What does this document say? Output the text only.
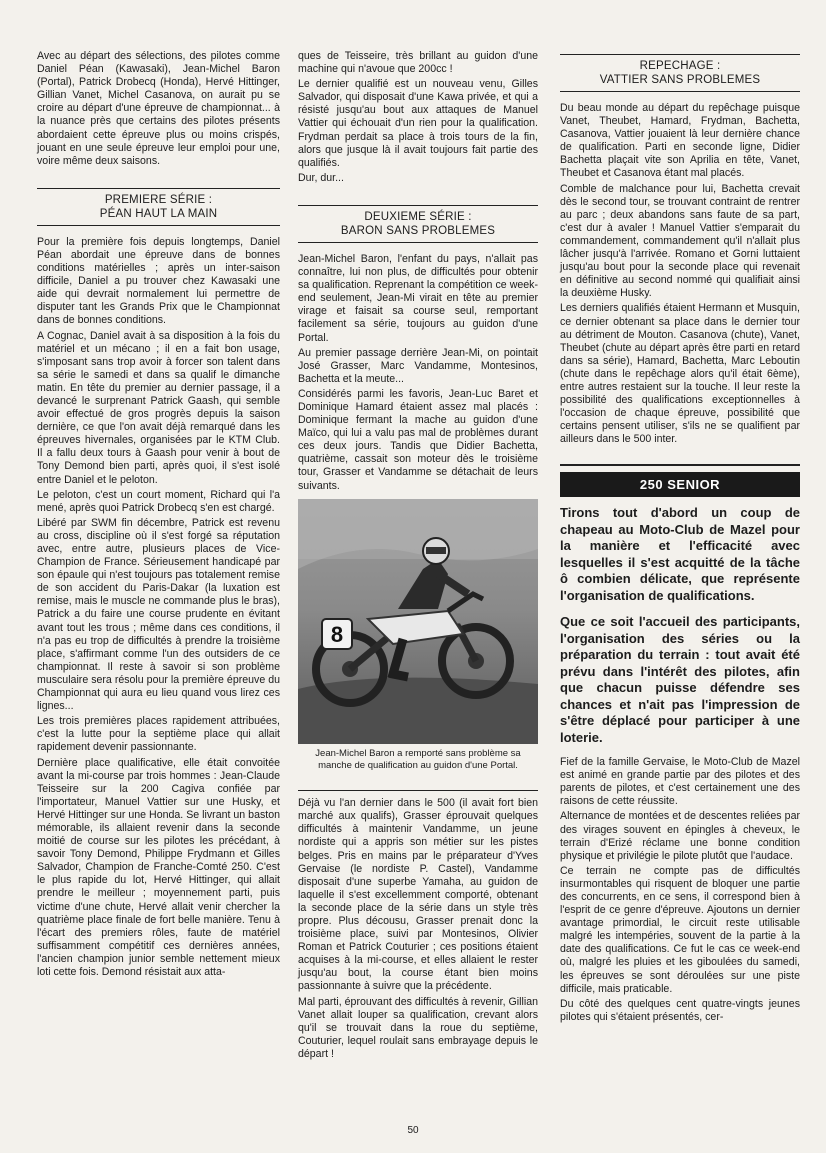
Avec au départ des sélections, des pilotes comme Daniel Péan (Kawasaki), Jean-Michel Baron (Portal), Patrick Drobecq (Honda), Hervé Hittinger, Gillian Vanet, Michel Casanova, on aurait pu se croire au départ d'une épreuve de championnat... à la nuance près que certains des pilotes présents abordaient cette épreuve plus ou moins crispés, jouant en une seule épreuve leur emploi pour une, voire même deux saisons.

PREMIERE SÉRIE :
PÉAN HAUT LA MAIN

Pour la première fois depuis longtemps, Daniel Péan abordait une épreuve dans de bonnes conditions matérielles ; après un inter-saison difficile, Daniel a pu trouver chez Kawasaki une aide qui devrait normalement lui permettre de disputer tant les Grands Prix que le Championnat dans de bonnes conditions.

A Cognac, Daniel avait à sa disposition à la fois du matériel et un mécano ; il en a fait bon usage, s'imposant sans trop avoir à forcer son talent dans sa série le samedi et dans sa qualif le dimanche matin. En tête du premier au dernier passage, il a devancé le surprenant Patrick Gaash, qui semble avoir effectué de gros progrès depuis la saison dernière, ce que l'on avait déjà remarqué dans les épreuves hivernales, organisées par le KTM Club. Il a fallu deux tours à Gaash pour venir à bout de Tony Demond bien parti, après quoi, il s'est isolé entre Daniel et le peloton.

Le peloton, c'est un court moment, Richard qui l'a mené, après quoi Patrick Drobecq s'en est chargé.

Libéré par SWM fin décembre, Patrick est revenu au cross, discipline où il s'est forgé sa réputation avec, entre autre, plusieurs places de Vice-Champion de France. Sérieusement handicapé par son épaule qui n'est toujours pas totalement remise de son accident du Paris-Dakar (la luxation est remise, mais le muscle ne commande plus le bras), Patrick a du faire une course prudente en évitant avant tout les trous ; même dans ces conditions, il n'a pas eu trop de difficultés à prendre la troisième place, s'affirmant comme l'un des outsiders de ce championnat. Il reste à savoir si son problème musculaire sera résolu pour la première épreuve du Championnat qui aura eu lieu quand vous lirez ces lignes...

Les trois premières places rapidement attribuées, c'est la lutte pour la septième place qui allait rapidement devenir passionnante.

Dernière place qualificative, elle était convoitée avant la mi-course par trois hommes : Jean-Claude Teisseire sur la 200 Cagiva confiée par l'importateur, Manuel Vattier sur une Husky, et Hervé Hittinger sur une Honda. Se livrant un baston mémorable, ils allaient revenir dans la seconde moitié de course sur les pilotes les précédant, à savoir Tony Demond, Philippe Frydmann et Gilles Salvador, Champion de Franche-Comté 250. C'est le plus rapide du lot, Hervé Hittinger, qui allait prendre le meilleur ; moyennement parti, puis victime d'une chute, Hervé allait venir chercher la quatrième place finale de fort belle manière. Tenu à l'écart des premiers rôles, faute de matériel suffisamment compétitif ces dernières années, l'ancien champion junior semble nettement mieux loti cette fois. Demond résistait aux atta-

ques de Teisseire, très brillant au guidon d'une machine qui n'avoue que 200cc !

Le dernier qualifié est un nouveau venu, Gilles Salvador, qui disposait d'une Kawa privée, et qui a résisté jusqu'au bout aux attaques de Manuel Vattier qui échouait d'un rien pour la qualification. Frydman perdait sa place à trois tours de la fin, alors que jusque là il avait toujours fait partie des qualifiés.

Dur, dur...

DEUXIEME SÉRIE :
BARON SANS PROBLEMES

Jean-Michel Baron, l'enfant du pays, n'allait pas connaître, lui non plus, de difficultés pour obtenir sa qualification. Reprenant la compétition ce week-end seulement, Jean-Mi virait en tête au premier virage et faisait sa course seul, remportant facilement sa série, toujours au guidon d'une Portal.

Au premier passage derrière Jean-Mi, on pointait José Grasser, Marc Vandamme, Montesinos, Bachetta et la meute...

Considérés parmi les favoris, Jean-Luc Baret et Dominique Hamard étaient assez mal placés : Dominique fermant la mache au guidon d'une Maïco, qui lui a valu pas mal de problèmes durant ces deux jours. Tandis que Didier Bachetta, quatrième, cassait son moteur dès le troisième tour, Grasser et Vandamme se détachait de leurs suivants.

8

Jean-Michel Baron a remporté sans problème sa manche de qualification au guidon d'une Portal.

Déjà vu l'an dernier dans le 500 (il avait fort bien marché aux qualifs), Grasser éprouvait quelques difficultés à maintenir Vandamme, un jeune nordiste qui a appris son métier sur les pistes belges. Pris en mains par le préparateur d'Yves Gervaise (le nordiste P. Castel), Vandamme disposait d'une superbe Yamaha, au guidon de laquelle il s'est excellemment comporté, obtenant la seconde place de la série dans un style très propre. Plus décousu, Grasser prenait donc la troisième place, suivi par Montesinos, Olivier Roman et Patrick Couturier ; ces positions étaient acquises à la mi-course, et elles allaient le rester jusqu'au bout, la course étant bien moins passionnante à suivre que la précédente.

Mal parti, éprouvant des difficultés à revenir, Gillian Vanet allait louper sa qualification, crevant alors qu'il se trouvait dans la roue du septième, Couturier, lequel roulait sans embrayage depuis le départ !

REPECHAGE :
VATTIER SANS PROBLEMES

Du beau monde au départ du repêchage puisque Vanet, Theubet, Hamard, Frydman, Bachetta, Casanova, Vattier jouaient là leur dernière chance de qualification. Parti en seconde ligne, Didier Bachetta plaçait vite son Aprilia en tête, Vanet, Theubet et Casanova étant mal placés.

Comble de malchance pour lui, Bachetta crevait dès le second tour, se trouvant contraint de rentrer au parc ; deux abandons sans faute de sa part, c'est dur à avaler ! Manuel Vattier s'emparait du commandement, commandement qu'il n'allait plus lâcher jusqu'à l'arrivée. Romano et Gorni luttaient jusqu'au bout pour la seconde place qui revenait en définitive au second nommé qui qualifiait ainsi la deuxième Husky.

Les derniers qualifiés étaient Hermann et Musquin, ce dernier obtenant sa place dans le dernier tour au détriment de Mouton. Casanova (chute), Vanet, Theubet (chute au départ après être parti en retard dans sa série), Hamard, Bachetta, Marc Leboutin (chute dans le repêchage alors qu'il était 6ème), entre autres restaient sur la touche. Il leur reste la possibilité des qualifications exceptionnelles à l'occasion de chaque épreuve, possibilité que certains pensent utiliser, s'ils ne se qualifient par ailleurs dans le 500 inter.

250 SENIOR

Tirons tout d'abord un coup de chapeau au Moto-Club de Mazel pour la manière et l'efficacité avec lesquelles il s'est acquitté de la tâche ô combien délicate, que représente l'organisation de qualifications.

Que ce soit l'accueil des participants, l'organisation des séries ou la préparation du terrain : tout avait été prévu dans l'intérêt des pilotes, afin que chacun puisse défendre ses chances et n'ait pas l'impression de s'être déplacé pour participer à une loterie.

Fief de la famille Gervaise, le Moto-Club de Mazel est animé en grande partie par des pilotes et des parents de pilotes, et c'est certainement une des raisons de cette réussite.

Alternance de montées et de descentes reliées par des virages souvent en épingles à cheveux, le terrain d'Erizé réclame une bonne condition physique et privilégie le pilote plutôt que l'audace.

Ce terrain ne compte pas de difficultés insurmontables qui risquent de bloquer une partie des concurrents, en ce sens, il correspond bien à l'esprit de ce genre d'épreuve. Ajoutons un dernier avantage primordial, le circuit reste utilisable malgré les intempéries, souvent de la partie à la date des qualifications. Ce fut le cas ce week-end où, malgré les pluies et les giboulées du samedi, les épreuves se sont déroulées sur une piste difficile, mais praticable.

Du côté des quelques cent quatre-vingts jeunes pilotes qui s'étaient présentés, cer-

50
